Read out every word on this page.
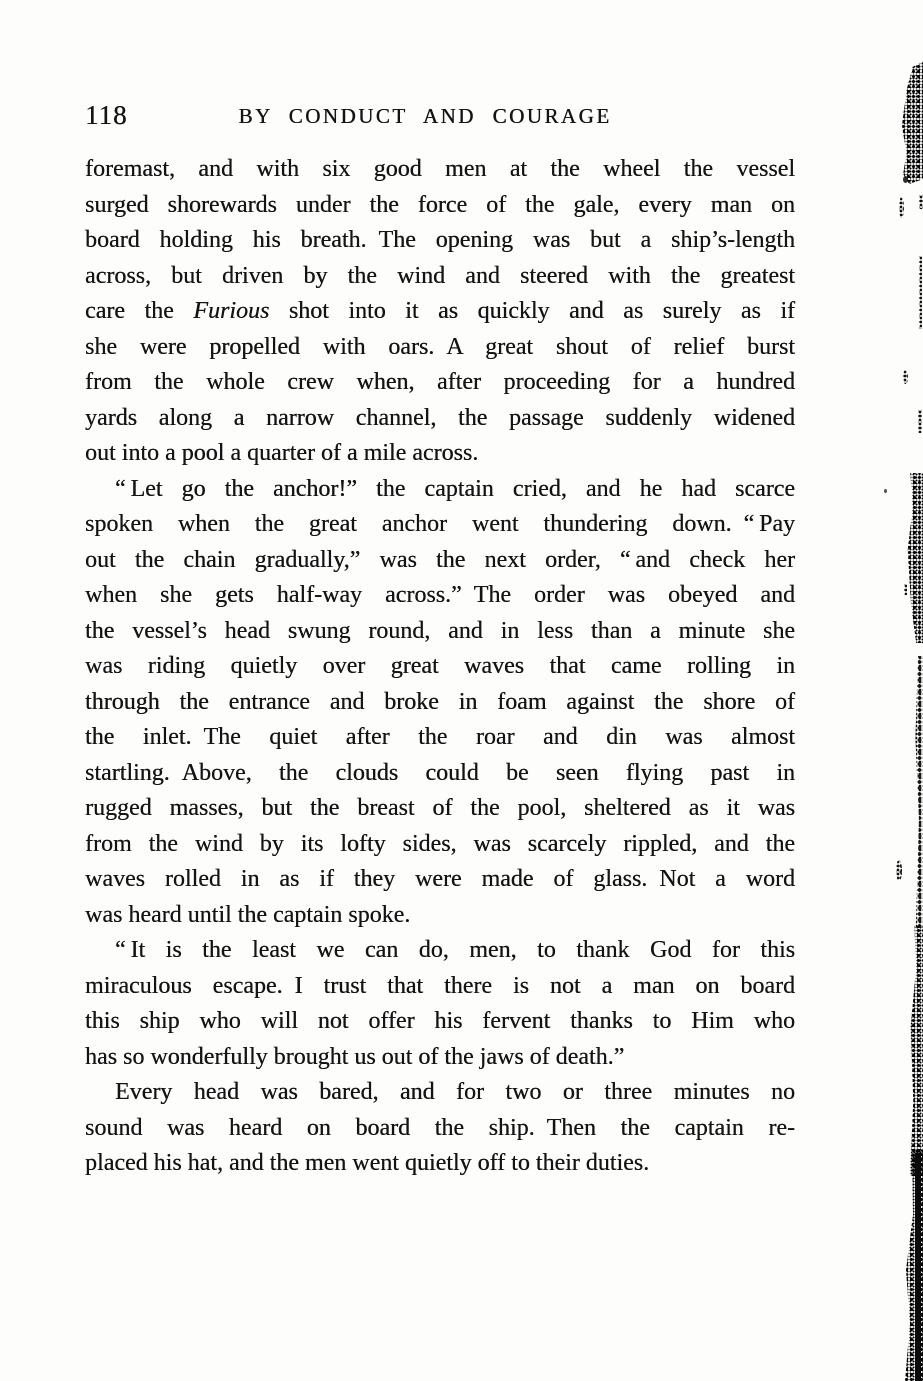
118	BY CONDUCT AND COURAGE
foremast, and with six good men at the wheel the vessel
surged shorewards under the force of the gale, every man on
board holding his breath. The opening was but a ship’s-length
across, but driven by the wind and steered with the greatest
care the Furious shot into it as quickly and as surely as if
she were propelled with oars. A great shout of relief burst
from the whole crew when, after proceeding for a hundred
yards along a narrow channel, the passage suddenly widened
out into a pool a quarter of a mile across.
“ Let go the anchor!” the captain cried, and he had scarce
spoken when the great anchor went thundering down. “ Pay
out the chain gradually,” was the next order, “ and check her
when she gets half-way across.” The order was obeyed and
the vessel’s head swung round, and in less than a minute she
was riding quietly over great waves that came rolling in
through the entrance and broke in foam against the shore of
the inlet. The quiet after the roar and din was almost
startling. Above, the clouds could be seen flying past in
rugged masses, but the breast of the pool, sheltered as it was
from the wind by its lofty sides, was scarcely rippled, and the
waves rolled in as if they were made of glass. Not a word
was heard until the captain spoke.
“ It is the least we can do, men, to thank God for this
miraculous escape. I trust that there is not a man on board
this ship who will not offer his fervent thanks to Him who
has so wonderfully brought us out of the jaws of death.”
Every head was bared, and for two or three minutes no
sound was heard on board the ship. Then the captain re-
placed his hat, and the men went quietly off to their duties.
